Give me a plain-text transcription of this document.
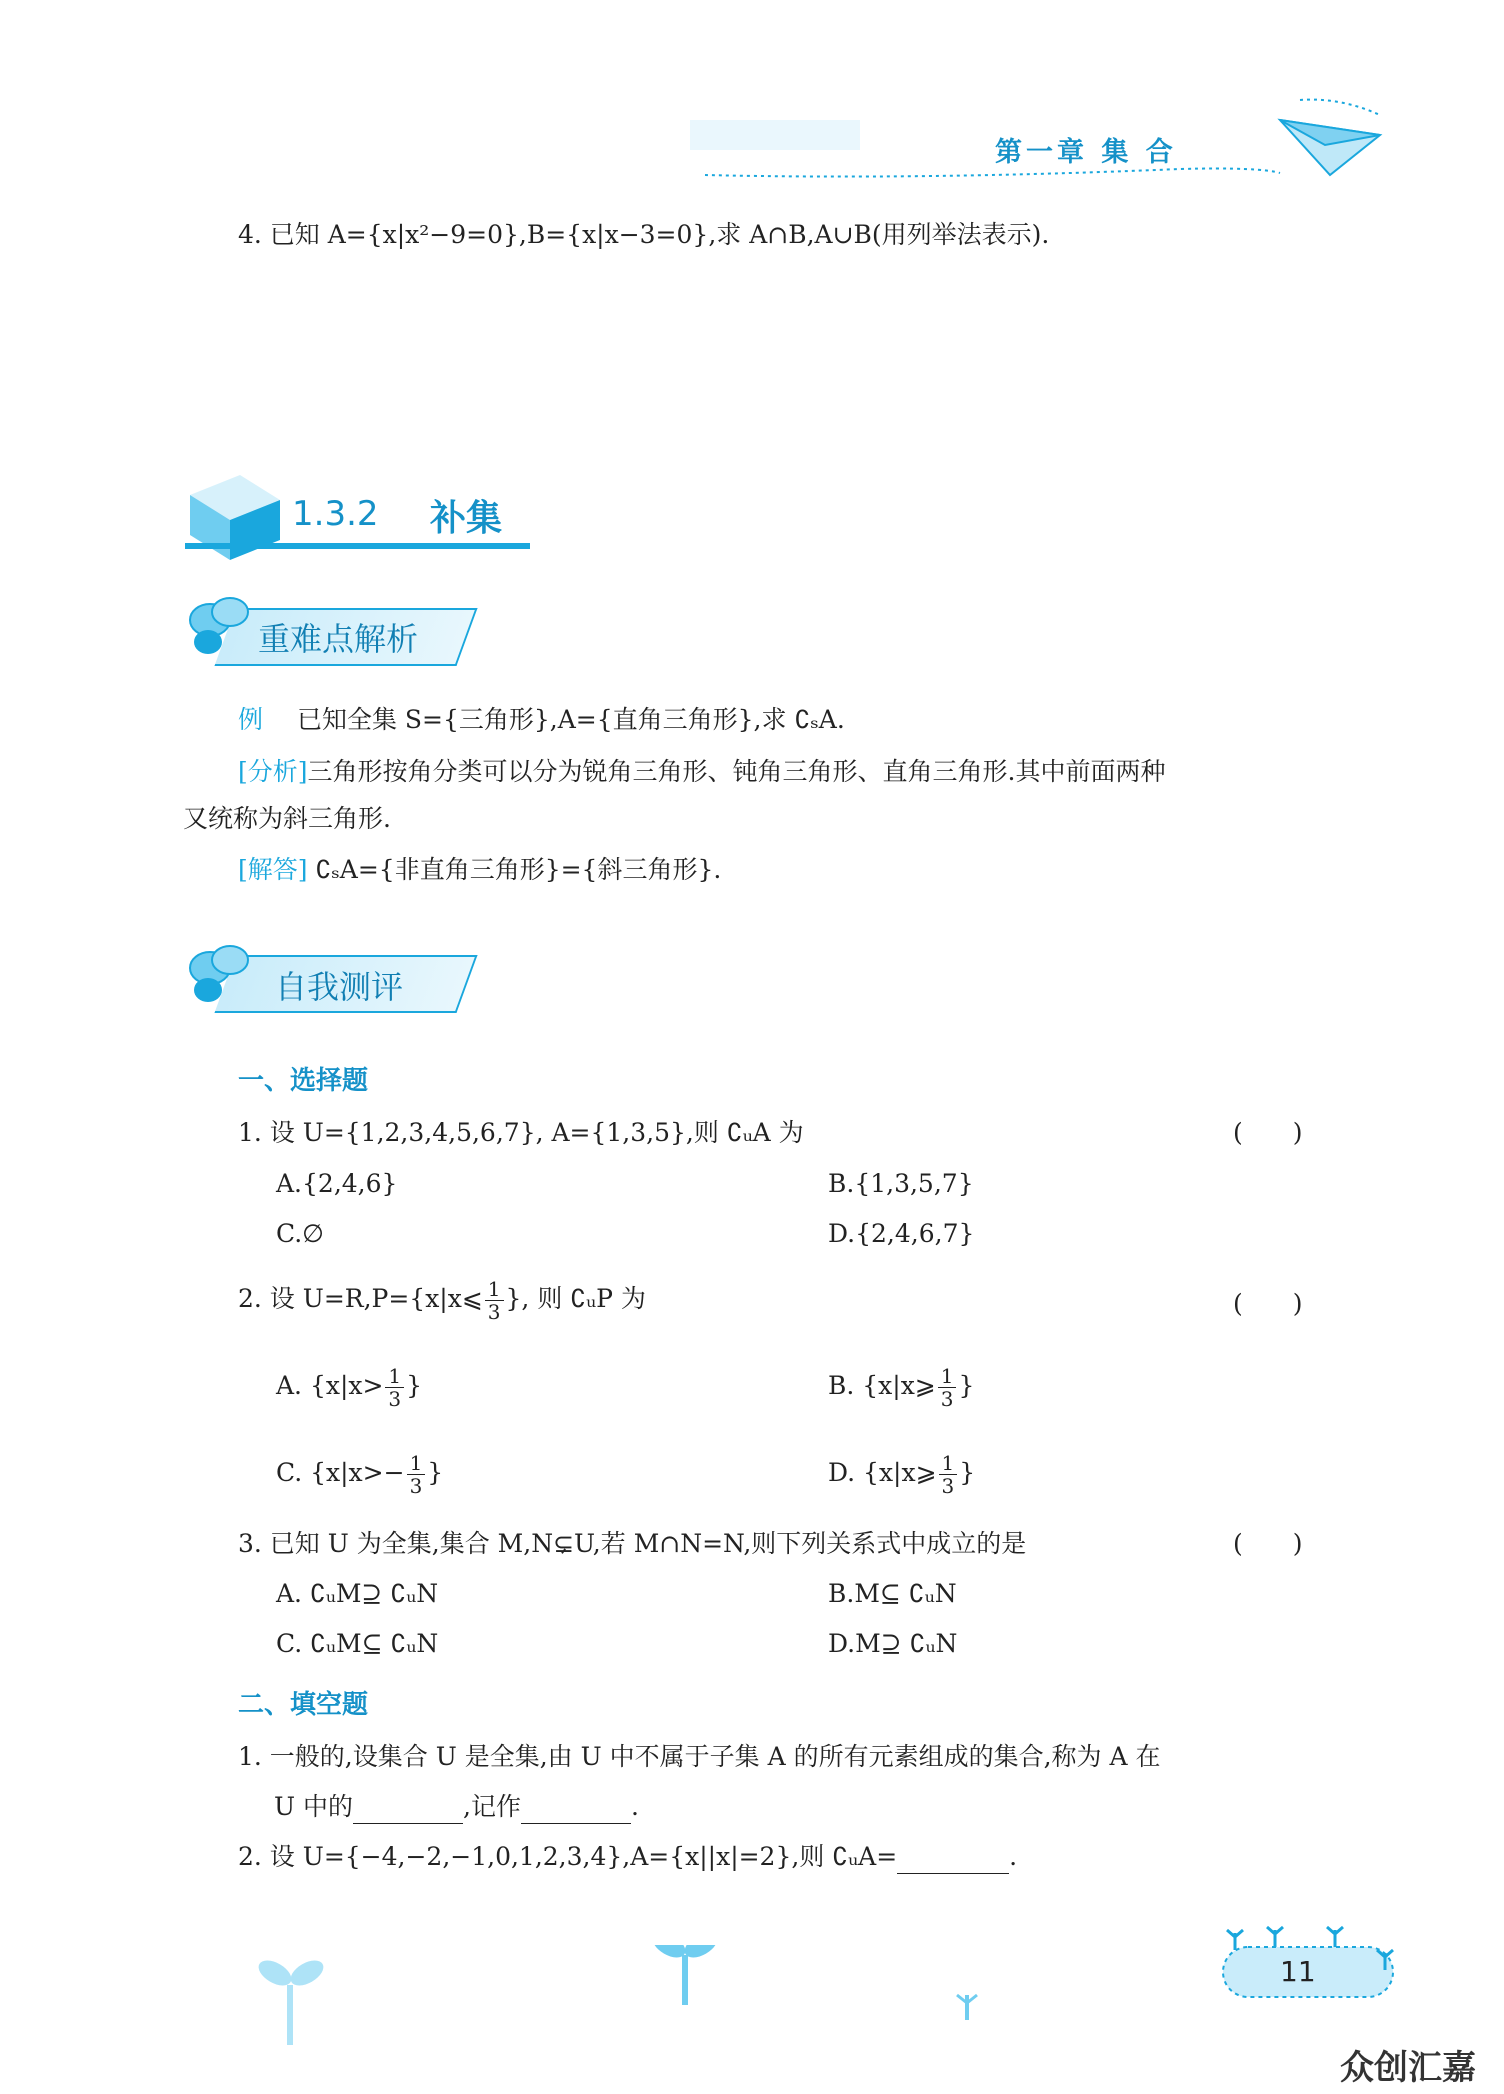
第一章 集 合
4. 已知 A={x|x²−9=0},B={x|x−3=0},求 A∩B,A∪B(用列举法表示).
1.3.2 补集
重难点解析
例 已知全集 S={三角形},A={直角三角形},求 ∁ₛA.
[分析]三角形按角分类可以分为锐角三角形、钝角三角形、直角三角形.其中前面两种
又统称为斜三角形.
[解答] ∁ₛA={非直角三角形}={斜三角形}.
自我测评
一、选择题
1. 设 U={1,2,3,4,5,6,7}, A={1,3,5},则 ∁ᵤA 为	(　　)
A.{2,4,6}	B.{1,3,5,7}
C.∅	D.{2,4,6,7}
2. 设 U=R,P={x|x⩽ $\frac{1}{3}$ }, 则 ∁ᵤP 为	(　　)
A. {$x|x> \frac{1}{3}$ }	B. {x|x⩾ $\frac{1}{3}$ }
C. {$x|x>- \frac{1}{3}$ }	D. {x|x⩾ $\frac{1}{3}$ }
3. 已知 U 为全集,集合 M,N⊊U,若 M∩N=N,则下列关系式中成立的是	(　　)
A. ∁ᵤM⊇ ∁ᵤN	B.M⊆ ∁ᵤN
C. ∁ᵤM⊆ ∁ᵤN	D.M⊇ ∁ᵤN
二、填空题
1. 一般的,设集合 U 是全集,由 U 中不属于子集 A 的所有元素组成的集合,称为 A 在
U 中的	,记作	.
2. 设 U={−4,−2,−1,0,1,2,3,4},A={x||x|=2},则 ∁ᵤA=	.
11
众创汇嘉
